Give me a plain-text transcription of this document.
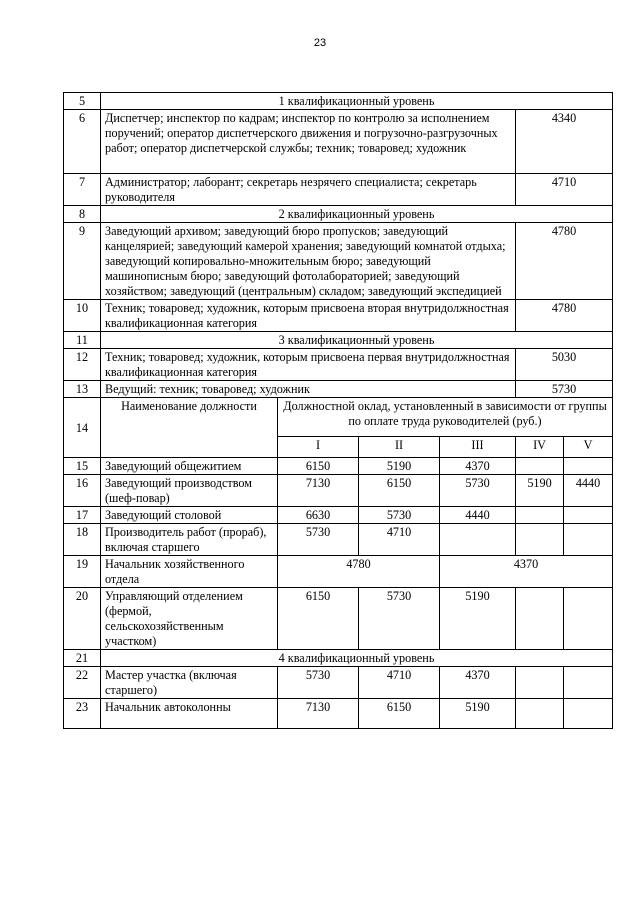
23
5	1 квалификационный уровень					
6	Диспетчер; инспектор по кадрам; инспектор по контролю за исполнением поручений; оператор диспетчерского движения и погрузочно-разгрузочных работ; оператор диспетчерской службы; техник; товаровед; художник				4340	
7	Администратор; лаборант; секретарь незрячего специалиста; секретарь руководителя				4710	
8	2 квалификационный уровень					
9	Заведующий архивом; заведующий бюро пропусков; заведующий канцелярией; заведующий камерой хранения; заведующий комнатой отдыха; заведующий копировально-множительным бюро; заведующий машинописным бюро; заведующий фотолабораторией; заведующий хозяйством; заведующий (центральным) складом; заведующий экспедицией				4780	
10	Техник; товаровед; художник, которым присвоена вторая внутридолжностная квалификационная категория				4780	
11	3 квалификационный уровень					
12	Техник; товаровед; художник, которым присвоена первая внутридолжностная квалификационная категория				5030	
13	Ведущий: техник; товаровед; художник				5730	
14	Наименование должности	Должностной оклад, установленный в зависимости от группы по оплате труда руководителей (руб.)				
		I	II	III	IV	V
15	Заведующий общежитием	6150	5190	4370		
16	Заведующий производством (шеф-повар)	7130	6150	5730	5190	4440
17	Заведующий столовой	6630	5730	4440		
18	Производитель работ (прораб), включая старшего	5730	4710			
19	Начальник хозяйственного отдела	4780		4370		
20	Управляющий отделением (фермой, сельскохозяйственным участком)	6150	5730	5190		
21	4 квалификационный уровень					
22	Мастер участка (включая старшего)	5730	4710	4370		
23	Начальник автоколонны	7130	6150	5190		
